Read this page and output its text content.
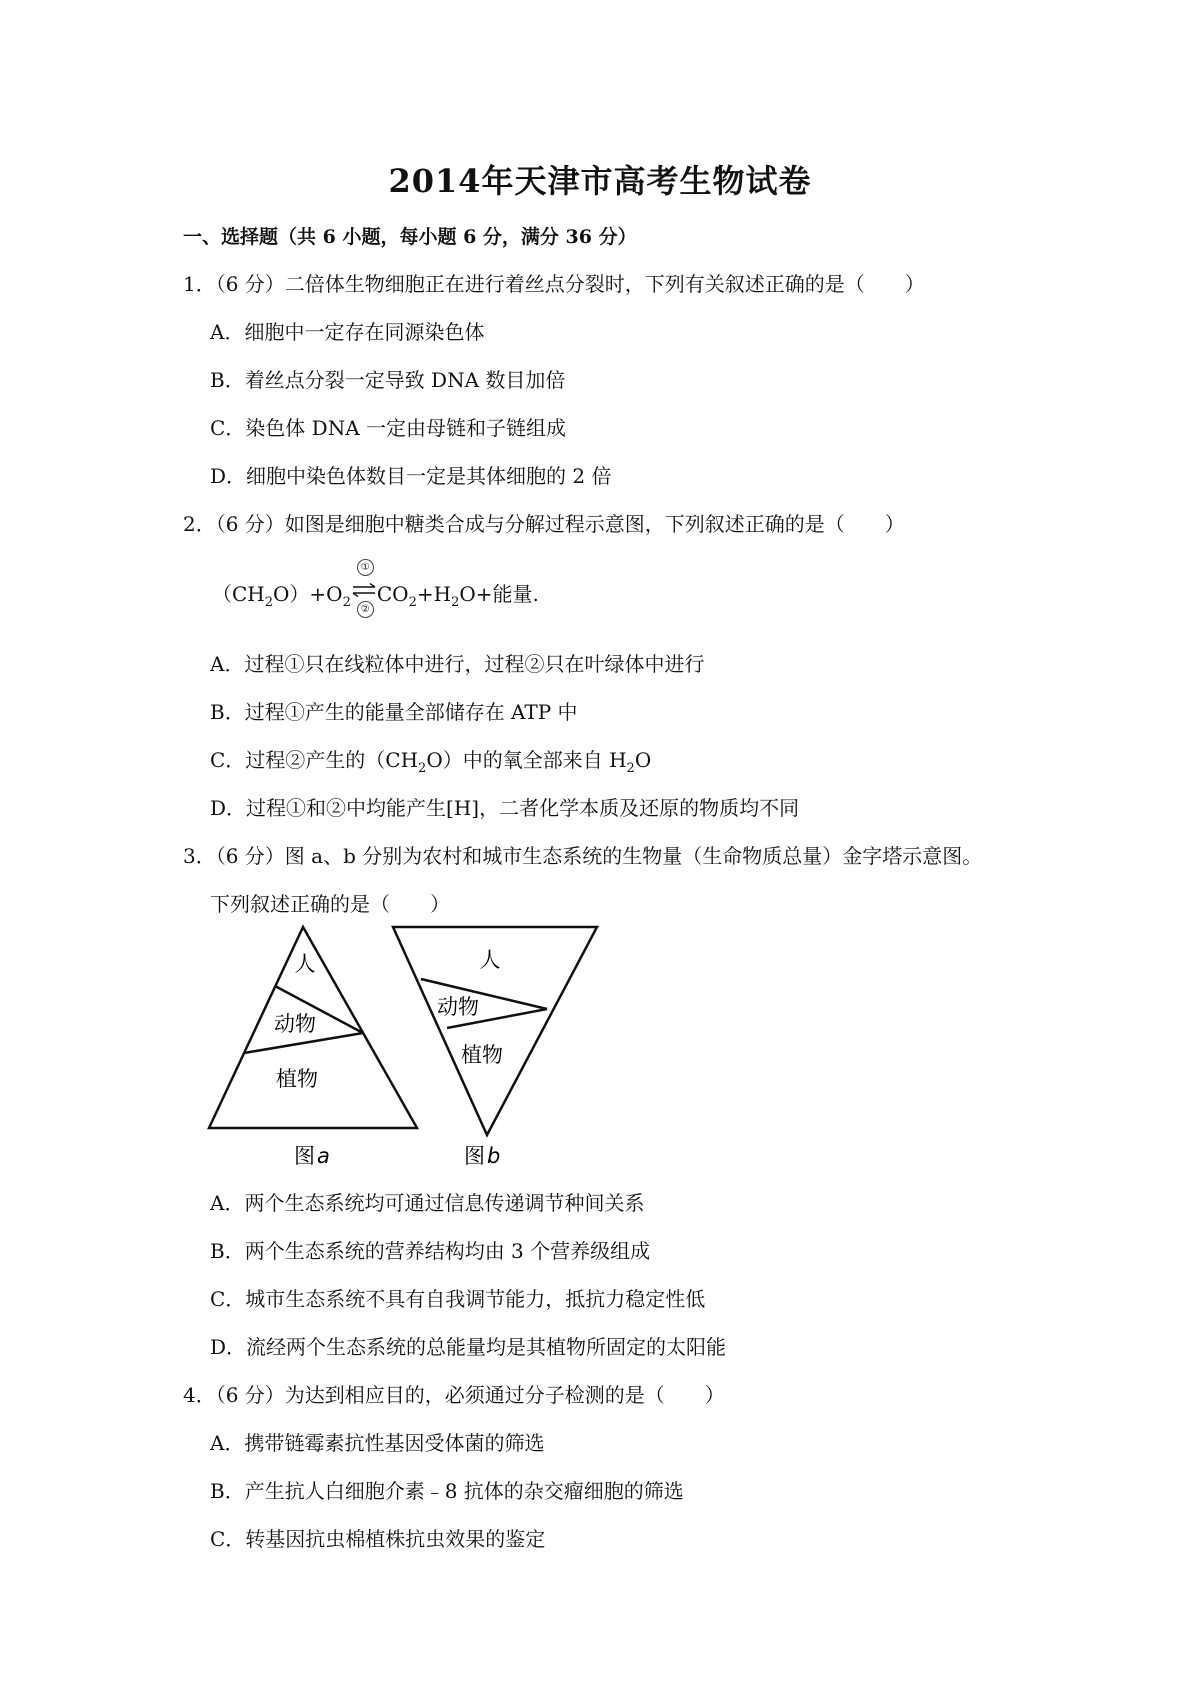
2014年天津市高考生物试卷
一、选择题（共 6 小题，每小题 6 分，满分 36 分）
1．（6 分）二倍体生物细胞正在进行着丝点分裂时，下列有关叙述正确的是（　　）
A．细胞中一定存在同源染色体
B．着丝点分裂一定导致 DNA 数目加倍
C．染色体 DNA 一定由母链和子链组成
D．细胞中染色体数目一定是其体细胞的 2 倍
2．（6 分）如图是细胞中糖类合成与分解过程示意图，下列叙述正确的是（　　）
$(CH_2O)+O_2$
①
②
$CO_2+H_2O+$能量.
A．过程①只在线粒体中进行，过程②只在叶绿体中进行
B．过程①产生的能量全部储存在 ATP 中
C．过程②产生的$(CH_2O)$中的氧全部来自 $H_2O$
D．过程①和②中均能产生[H]，二者化学本质及还原的物质均不同
3．（6 分）图 a、b 分别为农村和城市生态系统的生物量（生命物质总量）金字塔示意图。
下列叙述正确的是（　　）
人
动物
植物
图 a
人
动物
植物
图 b
A．两个生态系统均可通过信息传递调节种间关系
B．两个生态系统的营养结构均由 3 个营养级组成
C．城市生态系统不具有自我调节能力，抵抗力稳定性低
D．流经两个生态系统的总能量均是其植物所固定的太阳能
4．（6 分）为达到相应目的，必须通过分子检测的是（　　）
A．携带链霉素抗性基因受体菌的筛选
B．产生抗人白细胞介素﹣8 抗体的杂交瘤细胞的筛选
C．转基因抗虫棉植株抗虫效果的鉴定
